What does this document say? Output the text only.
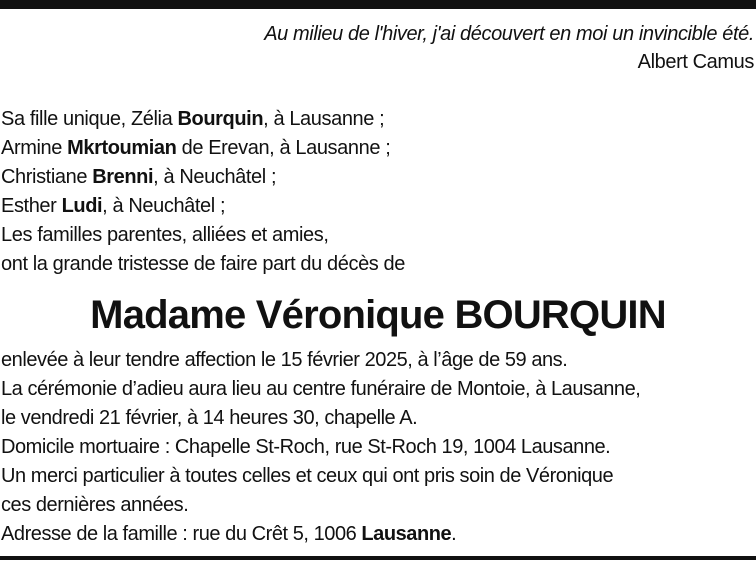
Au milieu de l'hiver, j'ai découvert en moi un invincible été.
Albert Camus
Sa fille unique, Zélia Bourquin, à Lausanne ;
Armine Mkrtoumian de Erevan, à Lausanne ;
Christiane Brenni, à Neuchâtel ;
Esther Ludi, à Neuchâtel ;
Les familles parentes, alliées et amies,
ont la grande tristesse de faire part du décès de
Madame Véronique BOURQUIN
enlevée à leur tendre affection le 15 février 2025, à l’âge de 59 ans.
La cérémonie d’adieu aura lieu au centre funéraire de Montoie, à Lausanne,
le vendredi 21 février, à 14 heures 30, chapelle A.
Domicile mortuaire : Chapelle St-Roch, rue St-Roch 19, 1004 Lausanne.
Un merci particulier à toutes celles et ceux qui ont pris soin de Véronique
ces dernières années.
Adresse de la famille : rue du Crêt 5, 1006 Lausanne.
